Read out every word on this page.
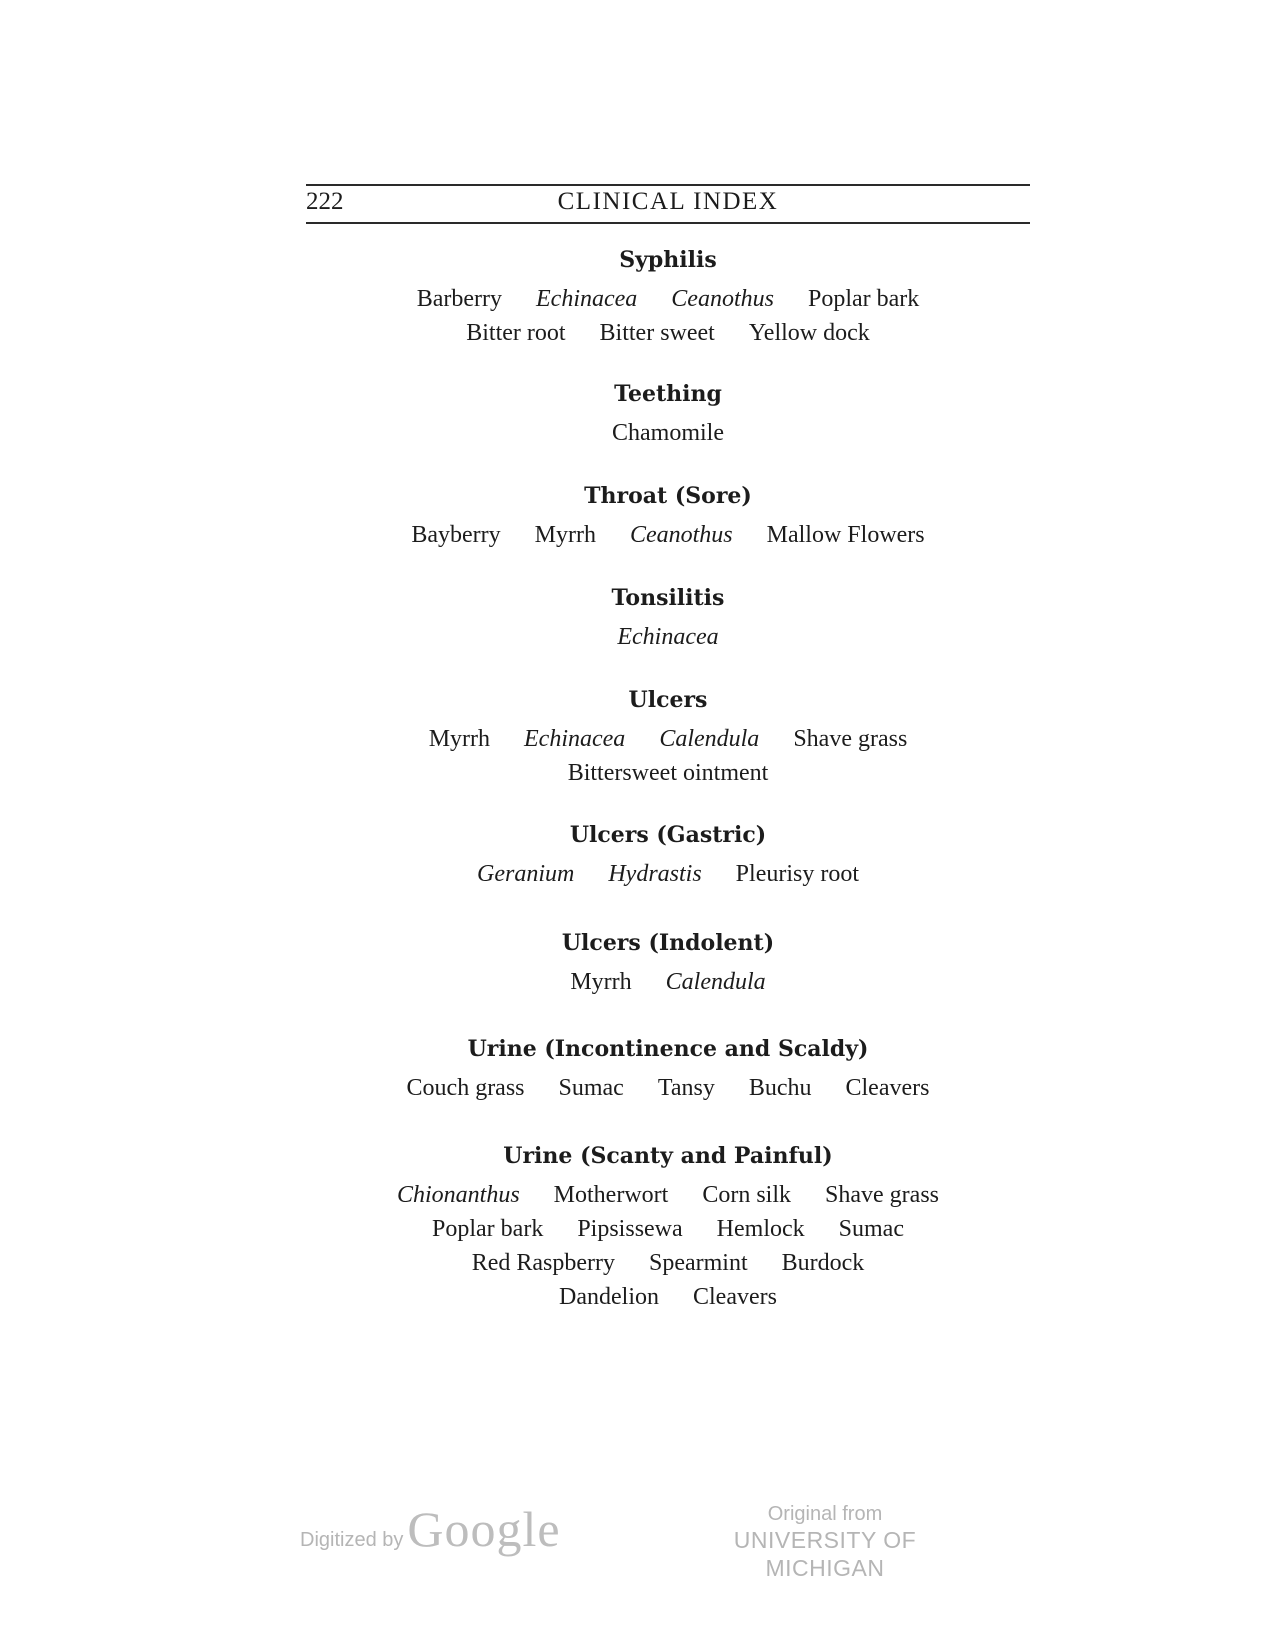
222	CLINICAL INDEX
Syphilis
Barberry Echinacea Ceanothus Poplar bark
Bitter root Bitter sweet Yellow dock
Teething
Chamomile
Throat (Sore)
Bayberry Myrrh Ceanothus Mallow Flowers
Tonsilitis
Echinacea
Ulcers
Myrrh Echinacea Calendula Shave grass
Bittersweet ointment
Ulcers (Gastric)
Geranium Hydrastis Pleurisy root
Ulcers (Indolent)
Myrrh Calendula
Urine (Incontinence and Scaldy)
Couch grass Sumac Tansy Buchu Cleavers
Urine (Scanty and Painful)
Chionanthus Motherwort Corn silk Shave grass
Poplar bark Pipsissewa Hemlock Sumac
Red Raspberry Spearmint Burdock
Dandelion Cleavers
Digitized by Google	Original from
UNIVERSITY OF MICHIGAN
